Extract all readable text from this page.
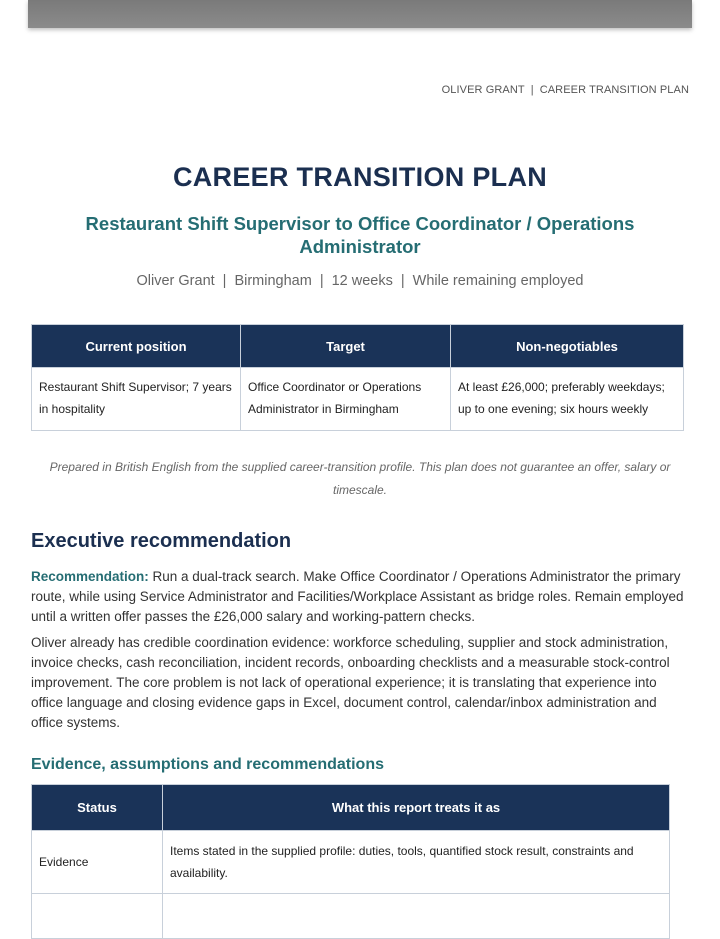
OLIVER GRANT | CAREER TRANSITION PLAN
CAREER TRANSITION PLAN
Restaurant Shift Supervisor to Office Coordinator / Operations Administrator
Oliver Grant | Birmingham | 12 weeks | While remaining employed
Current position	Target	Non-negotiables
Restaurant Shift Supervisor; 7 years in hospitality	Office Coordinator or Operations Administrator in Birmingham	At least £26,000; preferably weekdays; up to one evening; six hours weekly
Prepared in British English from the supplied career-transition profile. This plan does not guarantee an offer, salary or timescale.
Executive recommendation

Recommendation: Run a dual-track search. Make Office Coordinator / Operations Administrator the primary route, while using Service Administrator and Facilities/Workplace Assistant as bridge roles. Remain employed until a written offer passes the £26,000 salary and working-pattern checks.

Oliver already has credible coordination evidence: workforce scheduling, supplier and stock administration, invoice checks, cash reconciliation, incident records, onboarding checklists and a measurable stock-control improvement. The core problem is not lack of operational experience; it is translating that experience into office language and closing evidence gaps in Excel, document control, calendar/inbox administration and office systems.

Evidence, assumptions and recommendations
Status	What this report treats it as
Evidence	Items stated in the supplied profile: duties, tools, quantified stock result, constraints and availability.
